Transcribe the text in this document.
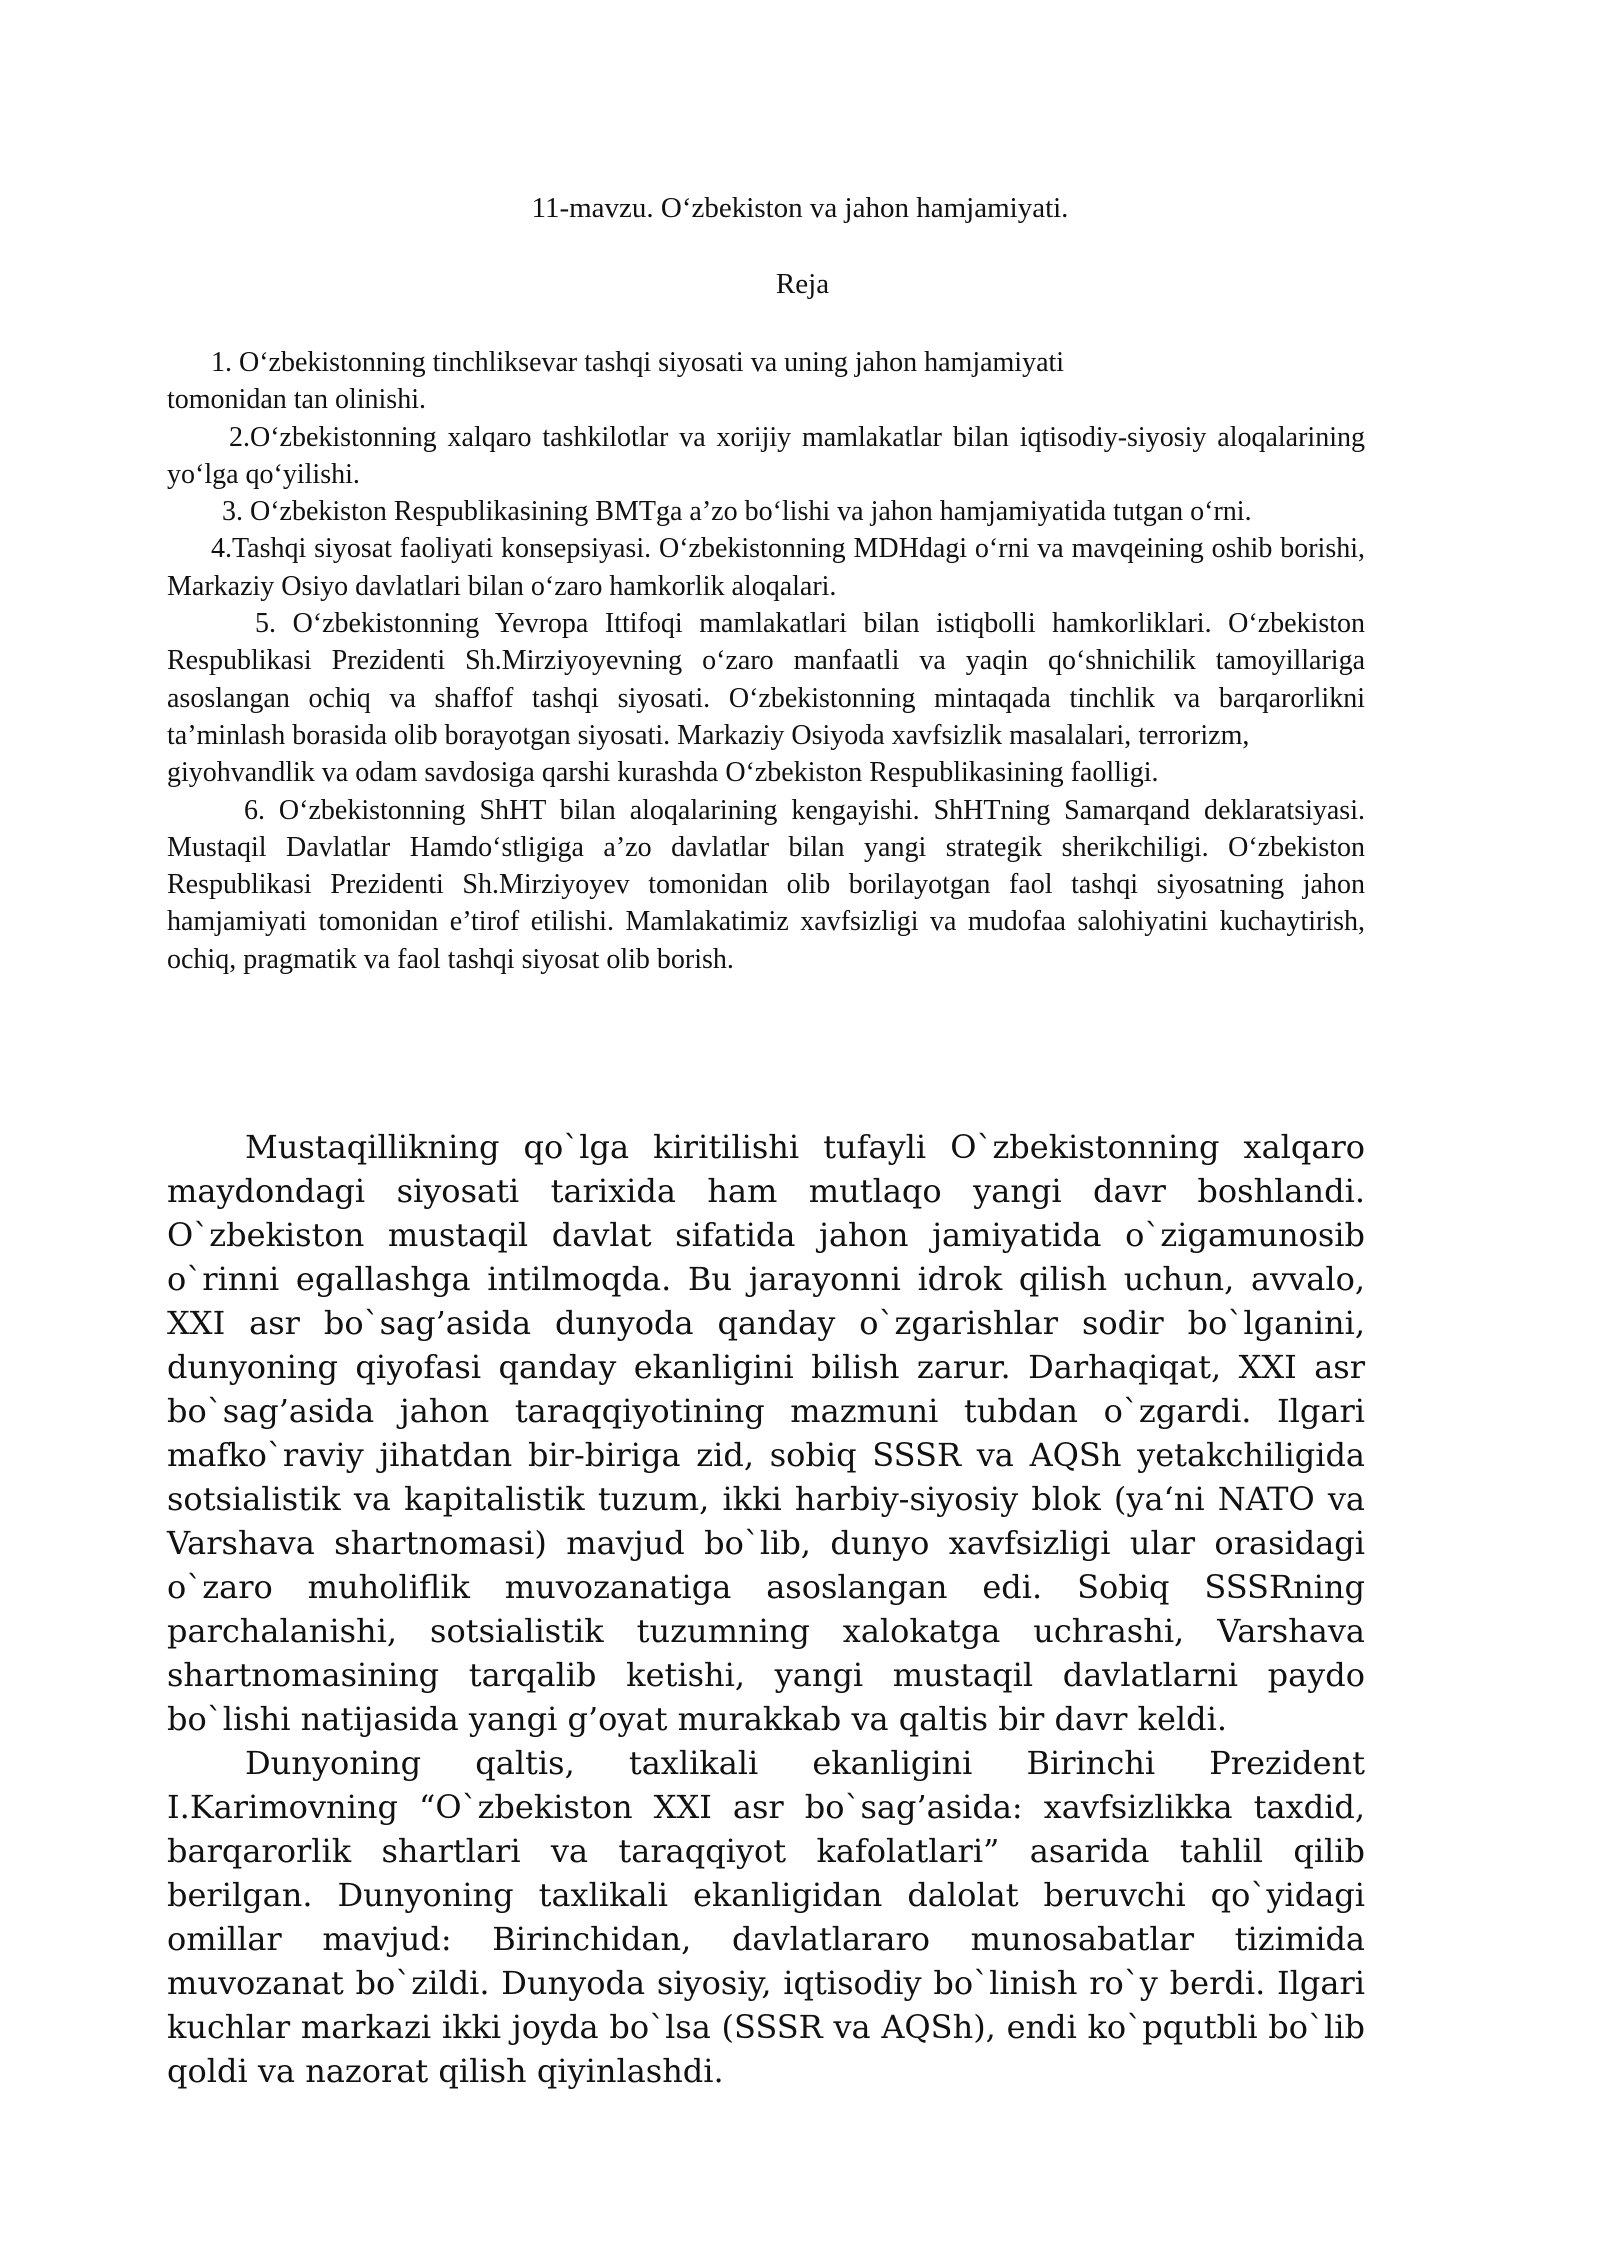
11-mavzu. O‘zbekiston va jahon hamjamiyati.
Reja

1. O‘zbekistonning tinchliksevar tashqi siyosati va uning jahon hamjamiyati

tomonidan tan olinishi.

2.O‘zbekistonning xalqaro tashkilotlar va xorijiy mamlakatlar bilan iqtisodiy-siyosiy aloqalarining yo‘lga qo‘yilishi.

3. O‘zbekiston Respublikasining BMTga a’zo bo‘lishi va jahon hamjamiyatida tutgan o‘rni.

4.Tashqi siyosat faoliyati konsepsiyasi. O‘zbekistonning MDHdagi o‘rni va mavqeining oshib borishi, Markaziy Osiyo davlatlari bilan o‘zaro hamkorlik aloqalari.

5. O‘zbekistonning Yevropa Ittifoqi mamlakatlari bilan istiqbolli hamkorliklari. O‘zbekiston Respublikasi Prezidenti Sh.Mirziyoyevning o‘zaro manfaatli va yaqin qo‘shnichilik tamoyillariga asoslangan ochiq va shaffof tashqi siyosati. O‘zbekistonning mintaqada tinchlik va barqarorlikni ta’minlash borasida olib borayotgan siyosati. Markaziy Osiyoda xavfsizlik masalalari, terrorizm,

giyohvandlik va odam savdosiga qarshi kurashda O‘zbekiston Respublikasining faolligi.

6. O‘zbekistonning ShHT bilan aloqalarining kengayishi. ShHTning Samarqand deklaratsiyasi. Mustaqil Davlatlar Hamdo‘stligiga a’zo davlatlar bilan yangi strategik sherikchiligi. O‘zbekiston Respublikasi Prezidenti Sh.Mirziyoyev tomonidan olib borilayotgan faol tashqi siyosatning jahon hamjamiyati tomonidan e’tirof etilishi. Mamlakatimiz xavfsizligi va mudofaa salohiyatini kuchaytirish, ochiq, pragmatik va faol tashqi siyosat olib borish.

Mustaqillikning qo`lga kiritilishi tufayli O`zbekistonning xalqaro maydondagi siyosati tarixida ham mutlaqo yangi davr boshlandi. O`zbekiston mustaqil davlat sifatida jahon jamiyatida o`zigamunosib o`rinni egallashga intilmoqda. Bu jarayonni idrok qilish uchun, avvalo, XXI asr bo`sag’asida dunyoda qanday o`zgarishlar sodir bo`lganini, dunyoning qiyofasi qanday ekanligini bilish zarur. Darhaqiqat, XXI asr bo`sag’asida jahon taraqqiyotining mazmuni tubdan o`zgardi. Ilgari mafko`raviy jihatdan bir-biriga zid, sobiq SSSR va AQSh yetakchiligida sotsialistik va kapitalistik tuzum, ikki harbiy-siyosiy blok (ya‘ni NATO va Varshava shartnomasi) mavjud bo`lib, dunyo xavfsizligi ular orasidagi o`zaro muholiflik muvozanatiga asoslangan edi. Sobiq SSSRning parchalanishi, sotsialistik tuzumning xalokatga uchrashi, Varshava shartnomasining tarqalib ketishi, yangi mustaqil davlatlarni paydo bo`lishi natijasida yangi g’oyat murakkab va qaltis bir davr keldi.

Dunyoning qaltis, taxlikali ekanligini Birinchi Prezident I.Karimovning “O`zbekiston XXI asr bo`sag’asida: xavfsizlikka taxdid, barqarorlik shartlari va taraqqiyot kafolatlari” asarida tahlil qilib berilgan. Dunyoning taxlikali ekanligidan dalolat beruvchi qo`yidagi omillar mavjud: Birinchidan, davlatlararo munosabatlar tizimida muvozanat bo`zildi. Dunyoda siyosiy, iqtisodiy bo`linish ro`y berdi. Ilgari kuchlar markazi ikki joyda bo`lsa (SSSR va AQSh), endi ko`pqutbli bo`lib qoldi va nazorat qilish qiyinlashdi.
